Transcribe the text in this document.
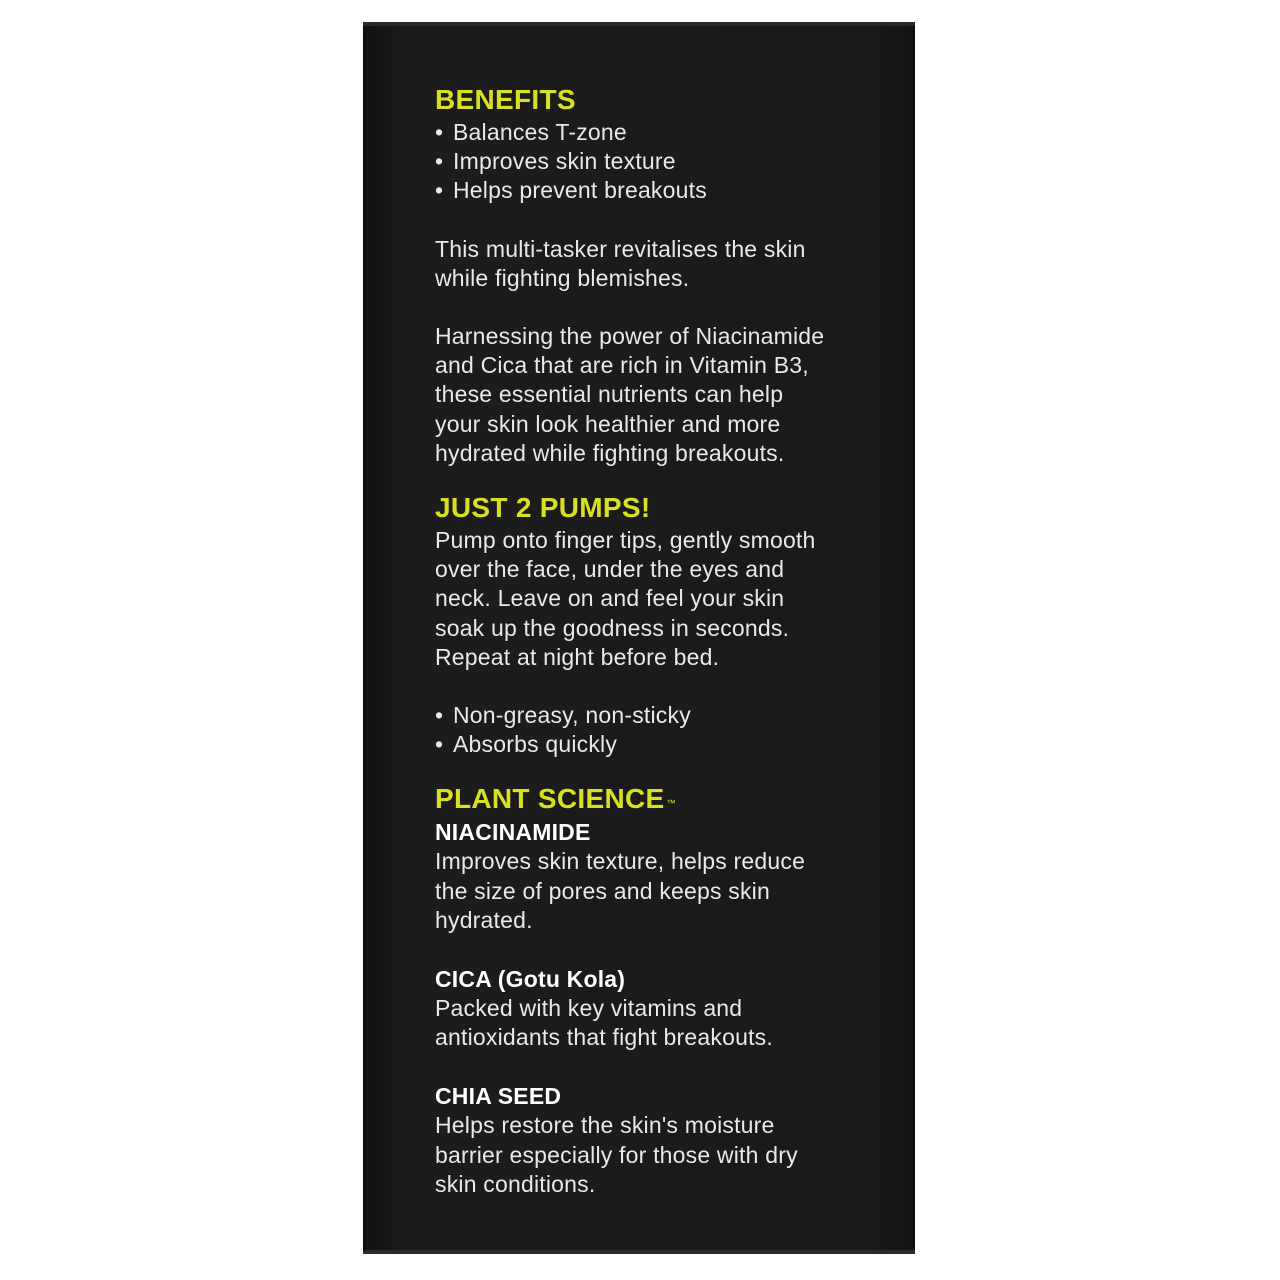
BENEFITS
• Balances T-zone
• Improves skin texture
• Helps prevent breakouts

This multi-tasker revitalises the skin
while fighting blemishes.

Harnessing the power of Niacinamide
and Cica that are rich in Vitamin B3,
these essential nutrients can help
your skin look healthier and more
hydrated while fighting breakouts.

JUST 2 PUMPS!

Pump onto finger tips, gently smooth
over the face, under the eyes and
neck. Leave on and feel your skin
soak up the goodness in seconds.
Repeat at night before bed.

• Non-greasy, non-sticky
• Absorbs quickly
PLANT SCIENCE ™

NIACINAMIDE

Improves skin texture, helps reduce
the size of pores and keeps skin
hydrated.

CICA (Gotu Kola)

Packed with key vitamins and
antioxidants that fight breakouts.

CHIA SEED

Helps restore the skin's moisture
barrier especially for those with dry
skin conditions.
